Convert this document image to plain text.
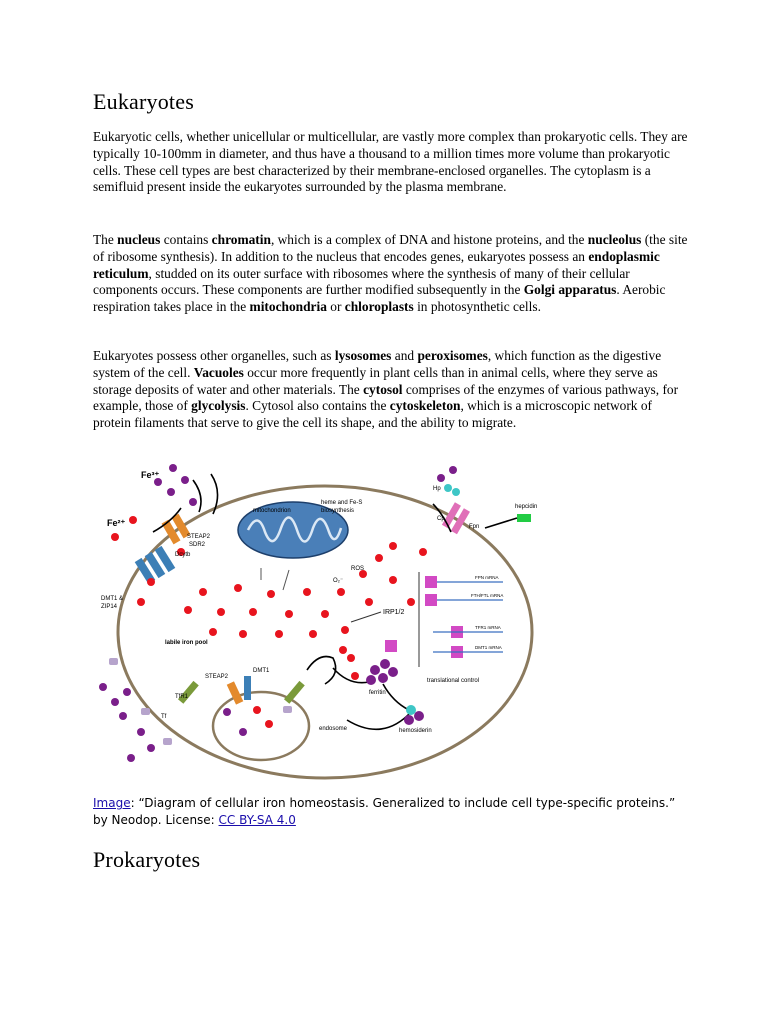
Eukaryotes

Eukaryotic cells, whether unicellular or multicellular, are vastly more complex than prokaryotic cells. They are typically 10-100mm in diameter, and thus have a thousand to a million times more volume than prokaryotic cells. These cell types are best characterized by their membrane-enclosed organelles. The cytoplasm is a semifluid present inside the eukaryotes surrounded by the plasma membrane.

The nucleus contains chromatin, which is a complex of DNA and histone proteins, and the nucleolus (the site of ribosome synthesis). In addition to the nucleus that encodes genes, eukaryotes possess an endoplasmic reticulum, studded on its outer surface with ribosomes where the synthesis of many of their cellular components occurs. These components are further modified subsequently in the Golgi apparatus. Aerobic respiration takes place in the mitochondria or chloroplasts in photosynthetic cells.

Eukaryotes possess other organelles, such as lysosomes and peroxisomes, which function as the digestive system of the cell. Vacuoles occur more frequently in plant cells than in animal cells, where they serve as storage deposits of water and other materials. The cytosol comprises of the enzymes of various pathways, for example, those of glycolysis. Cytosol also contains the cytoskeleton, which is a microscopic network of protein filaments that serve to give the cell its shape, and the ability to migrate.

Fe³⁺
Fe²⁺
STEAP2
SDR2
Dcytb
DMT1 &
ZIP14
mitochondrion
heme and Fe-S
biosynthesis
Hp
Cp
Fpn
hepcidin
ROS
O₂⁻
IRP1/2
FPN mRNA
FTH/FTL mRNA
TFR1 mRNA
DMT1 mRNA
labile iron pool
STEAP2
DMT1
ferritin
translational control
TfR1
Tf
endosome	hemosiderin

Image: “Diagram of cellular iron homeostasis. Generalized to include cell type-specific proteins.” by Neodop. License: CC BY-SA 4.0

Prokaryotes
